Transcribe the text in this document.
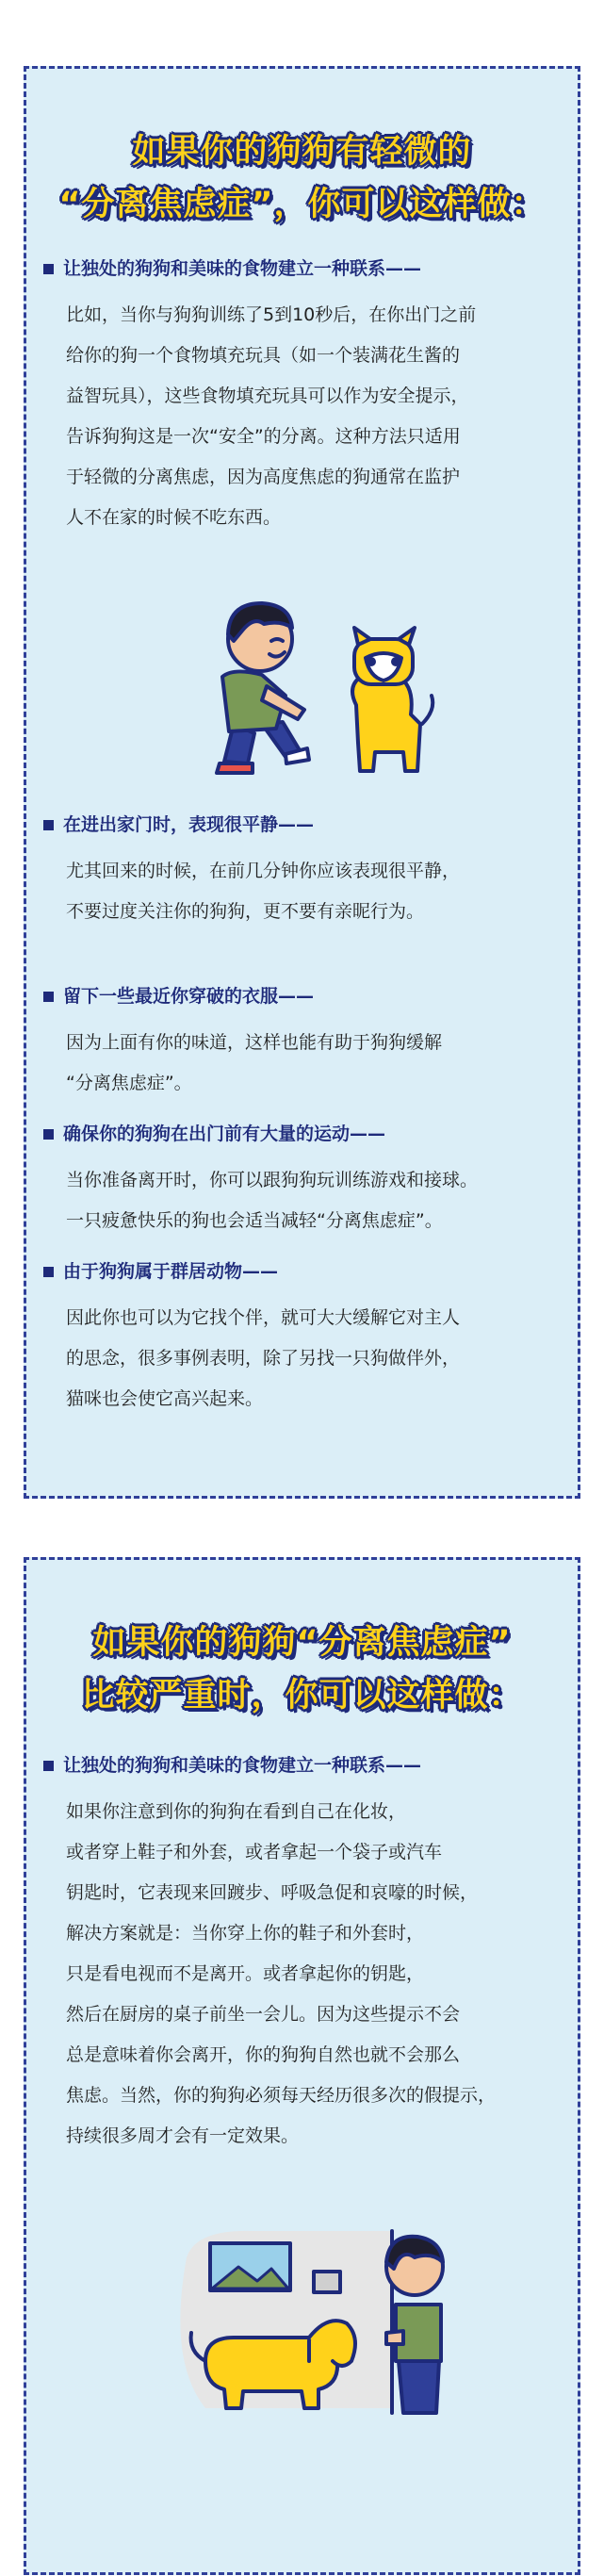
如果你的狗狗有轻微的
“分离焦虑症”，你可以这样做：
让独处的狗狗和美味的食物建立一种联系——
比如，当你与狗狗训练了5到10秒后，在你出门之前
给你的狗一个食物填充玩具（如一个装满花生酱的
益智玩具），这些食物填充玩具可以作为安全提示，
告诉狗狗这是一次“安全”的分离。这种方法只适用
于轻微的分离焦虑，因为高度焦虑的狗通常在监护
人不在家的时候不吃东西。
在进出家门时，表现很平静——
尤其回来的时候，在前几分钟你应该表现很平静，
不要过度关注你的狗狗，更不要有亲昵行为。
留下一些最近你穿破的衣服——
因为上面有你的味道，这样也能有助于狗狗缓解
“分离焦虑症”。
确保你的狗狗在出门前有大量的运动——
当你准备离开时，你可以跟狗狗玩训练游戏和接球。
一只疲惫快乐的狗也会适当减轻“分离焦虑症”。
由于狗狗属于群居动物——
因此你也可以为它找个伴，就可大大缓解它对主人
的思念，很多事例表明，除了另找一只狗做伴外，
猫咪也会使它高兴起来。
如果你的狗狗“分离焦虑症”
比较严重时，你可以这样做：
让独处的狗狗和美味的食物建立一种联系——
如果你注意到你的狗狗在看到自己在化妆，
或者穿上鞋子和外套，或者拿起一个袋子或汽车
钥匙时，它表现来回踱步、呼吸急促和哀嚎的时候，
解决方案就是：当你穿上你的鞋子和外套时，
只是看电视而不是离开。或者拿起你的钥匙，
然后在厨房的桌子前坐一会儿。因为这些提示不会
总是意味着你会离开，你的狗狗自然也就不会那么
焦虑。当然，你的狗狗必须每天经历很多次的假提示，
持续很多周才会有一定效果。
